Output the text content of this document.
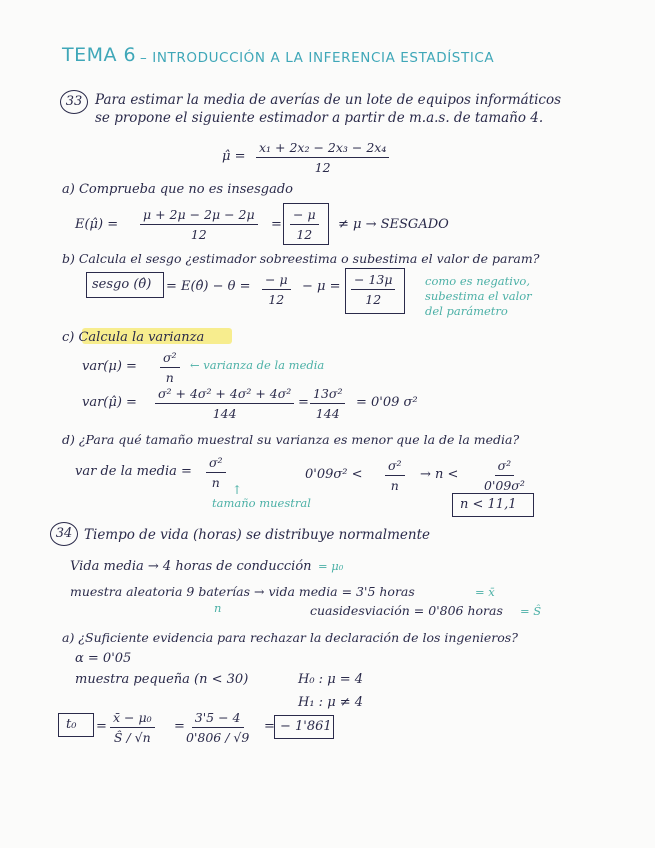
TEMA 6 – INTRODUCCIÓN A LA INFERENCIA ESTADÍSTICA
33 Para estimar la media de averías de un lote de equipos informáticos
se propone el siguiente estimador a partir de m.a.s. de tamaño 4.
μ̂ = $\frac{\text{x₁ + 2x₂ − 2x₃ − 2x₄}}{12}$
a) Comprueba que no es insesgado
E(μ̂) = $\frac{\mu + 2\mu - 2\mu - 2\mu}{12} = \frac{- \mu}{12} \ne \mu$ → SESGADO
b) Calcula el sesgo ¿estimador sobreestima o subestima el valor de param?
sesgo (θ̂) = E(θ̂) − $\theta = \frac{- \mu}{12} - \mu = \frac{- 13\mu}{12}$	como es negativo,
subestima el valor
del parámetro
c) Calcula la varianza
$var(\mu) = \frac{\text{σ²}}{n}$ ← varianza de la media
var(μ̂) = $\frac{\text{σ² + 4σ² + 4σ² + 4σ²}}{144} = \frac{\text{13σ²}}{144} = 0'09$ σ²
d) ¿Para qué tamaño muestral su varianza es menor que la de la media?
var de la media = $\frac{\text{σ²}}{n}$ ↑
tamaño muestral
$0'09\sigma^2 < \frac{\text{σ²}}{n} \to n < \frac{\text{σ²}}{\text{0'09σ²}}$
n < 11,1
34 Tiempo de vida (horas) se distribuye normalmente
Vida media → 4 horas de conducción = μ₀
muestra aleatoria 9 baterías → vida media = 3'5 horas	= x̄
n	cuasidesviación = 0'806 horas = Ŝ
a) ¿Suficiente evidencia para rechazar la declaración de los ingenieros?
α = 0'05
muestra pequeña (n < 30)	H₀ : μ = 4
H₁ : μ ≠ 4
$t_0 = \frac{\text{x̄ − μ₀}}{Ŝ / √n} = \frac{3'5 - 4}{0'806 / √9}$ = − 1'861
